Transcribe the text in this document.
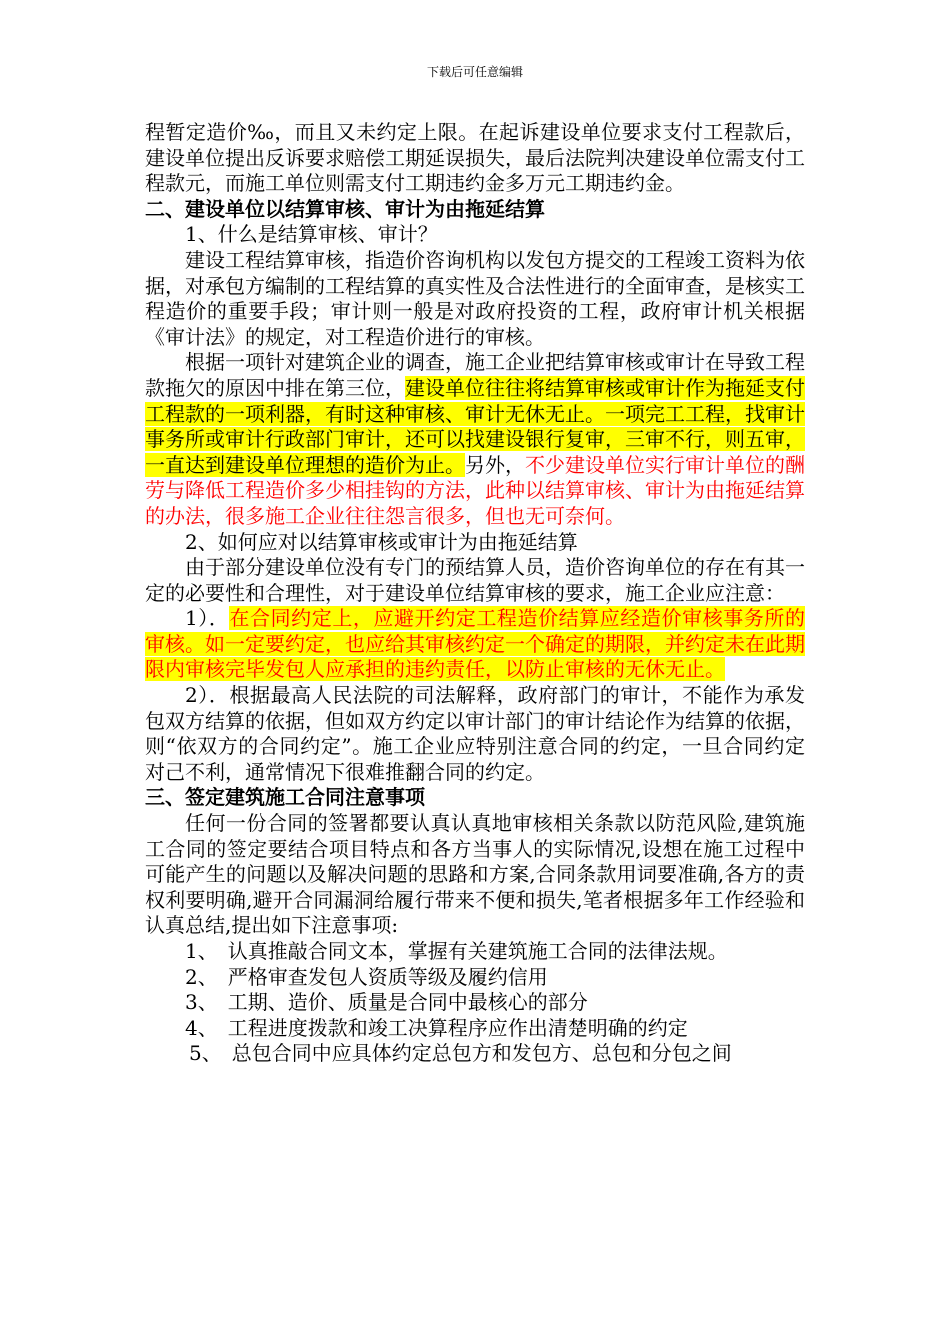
下载后可任意编辑

程暂定造价‰，而且又未约定上限。在起诉建设单位要求支付工程款后，建设单位提出反诉要求赔偿工期延误损失，最后法院判决建设单位需支付工程款元，而施工单位则需支付工期违约金多万元工期违约金。

二、建设单位以结算审核、审计为由拖延结算

1、什么是结算审核、审计？

建设工程结算审核，指造价咨询机构以发包方提交的工程竣工资料为依据，对承包方编制的工程结算的真实性及合法性进行的全面审查，是核实工程造价的重要手段；审计则一般是对政府投资的工程，政府审计机关根据《审计法》的规定，对工程造价进行的审核。

根据一项针对建筑企业的调查，施工企业把结算审核或审计在导致工程款拖欠的原因中排在第三位，建设单位往往将结算审核或审计作为拖延支付工程款的一项利器，有时这种审核、审计无休无止。一项完工工程，找审计事务所或审计行政部门审计，还可以找建设银行复审，三审不行，则五审，一直达到建设单位理想的造价为止。另外，不少建设单位实行审计单位的酬劳与降低工程造价多少相挂钩的方法，此种以结算审核、审计为由拖延结算的办法，很多施工企业往往怨言很多，但也无可奈何。

2、如何应对以结算审核或审计为由拖延结算

由于部分建设单位没有专门的预结算人员，造价咨询单位的存在有其一定的必要性和合理性，对于建设单位结算审核的要求，施工企业应注意：

1）．在合同约定上，应避开约定工程造价结算应经造价审核事务所的审核。如一定要约定，也应给其审核约定一个确定的期限，并约定未在此期限内审核完毕发包人应承担的违约责任，以防止审核的无休无止。

2）．根据最高人民法院的司法解释，政府部门的审计，不能作为承发包双方结算的依据，但如双方约定以审计部门的审计结论作为结算的依据，则“依双方的合同约定”。施工企业应特别注意合同的约定，一旦合同约定对己不利，通常情况下很难推翻合同的约定。

三、签定建筑施工合同注意事项

任何一份合同的签署都要认真认真地审核相关条款以防范风险,建筑施工合同的签定要结合项目特点和各方当事人的实际情况,设想在施工过程中可能产生的问题以及解决问题的思路和方案,合同条款用词要准确,各方的责权利要明确,避开合同漏洞给履行带来不便和损失,笔者根据多年工作经验和认真总结,提出如下注意事项:

1、　认真推敲合同文本，掌握有关建筑施工合同的法律法规。

2、　严格审查发包人资质等级及履约信用

3、　工期、造价、质量是合同中最核心的部分

4、　工程进度拨款和竣工决算程序应作出清楚明确的约定

5、　总包合同中应具体约定总包方和发包方、总包和分包之间
